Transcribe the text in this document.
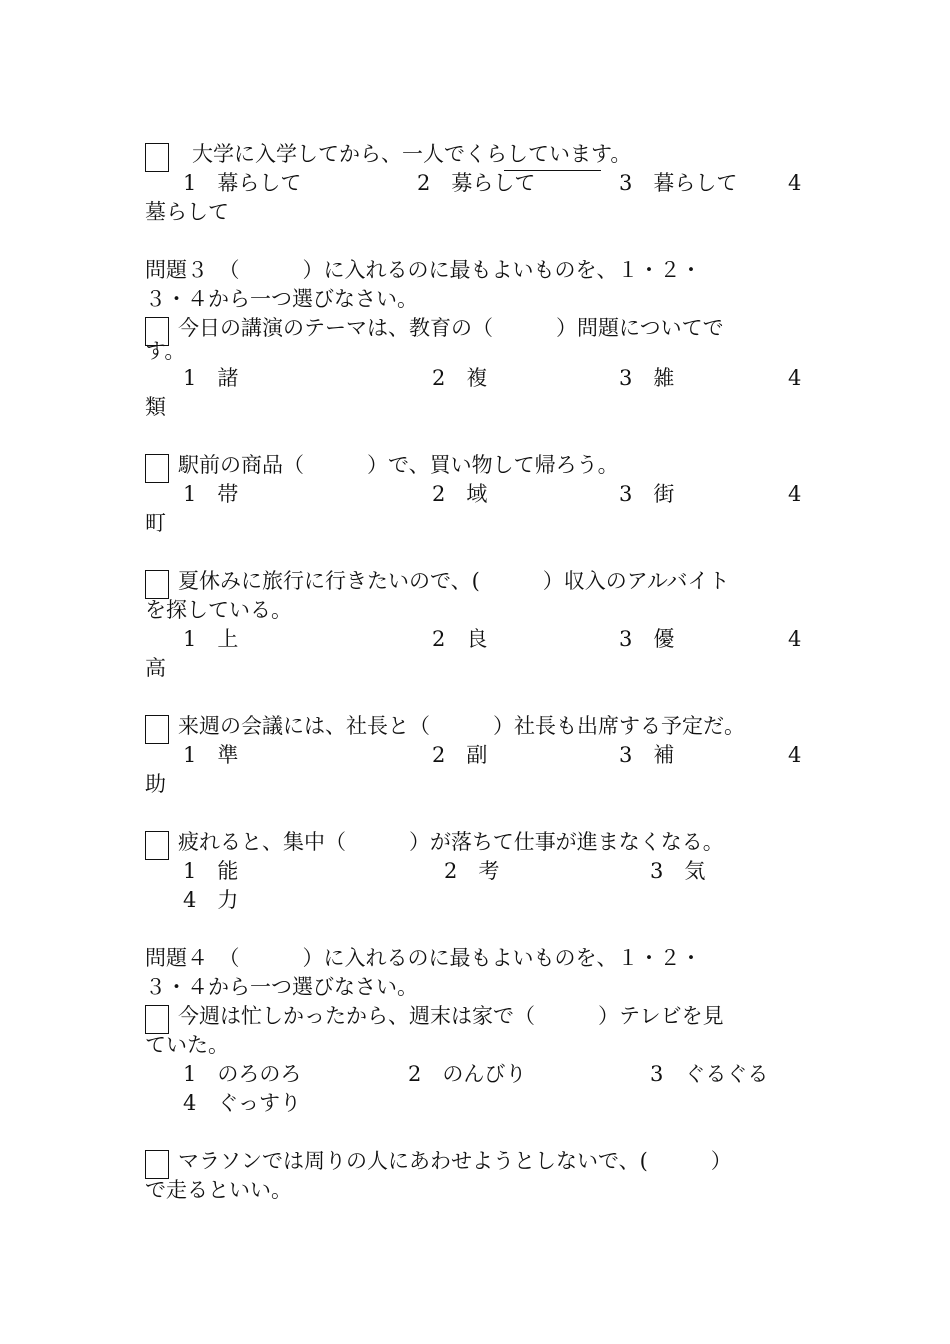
大学に入学してから、一人でくらしています。
1　幕らして	2　募らして	3　暮らして 4
墓らして
問題３　（　　　）に入れるのに最もよいものを、１・２・
３・４から一つ選びなさい。
今日の講演のテーマは、教育の（　　　）問題についてで
す。
1　諸	2　複	3　雑	4
類
駅前の商品（　　　）で、買い物して帰ろう。
1　帯	2　域	3　街	4
町
夏休みに旅行に行きたいので、(　　　）収入のアルバイト
を探している。
1　上	2　良	3　優	4
高
来週の会議には、社長と（　　　）社長も出席する予定だ。
1　準	2　副	3　補	4
助
疲れると、集中（　　　）が落ちて仕事が進まなくなる。
1　能	2　考	3　気
4　力
問題４　（　　　）に入れるのに最もよいものを、１・２・
３・４から一つ選びなさい。
今週は忙しかったから、週末は家で（　　　）テレビを見
ていた。
1　のろのろ	2　のんびり	3　ぐるぐる
4　ぐっすり
マラソンでは周りの人にあわせようとしないで、(　　　）
で走るといい。
